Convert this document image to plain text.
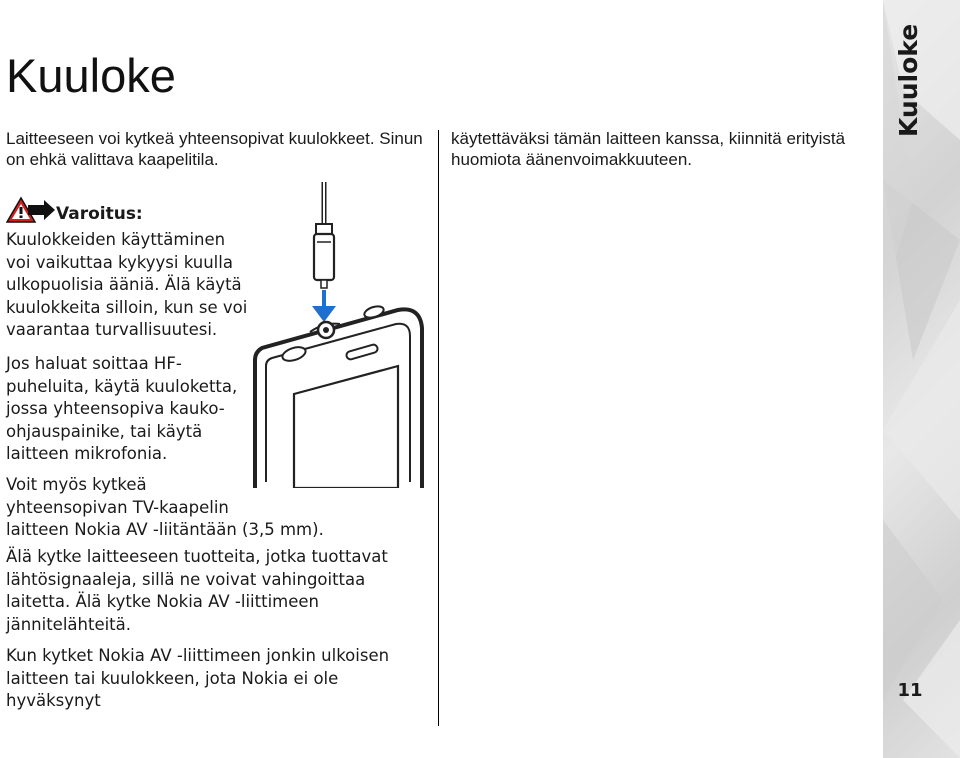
Kuuloke
Laitteeseen voi kytkeä yhteensopivat kuulokkeet. Sinun on ehkä valittava kaapelitila.
käytettäväksi tämän laitteen kanssa, kiinnitä erityistä huomiota äänenvoimakkuuteen.
Varoitus:

Kuulokkeiden käyttäminen voi vaikuttaa kykyysi kuulla ulkopuolisia ääniä. Älä käytä kuulokkeita silloin, kun se voi vaarantaa turvallisuutesi.

Jos haluat soittaa HF-puheluita, käytä kuuloketta, jossa yhteensopiva kauko-ohjauspainike, tai käytä laitteen mikrofonia.

Voit myös kytkeä yhteensopivan TV-kaapelin

laitteen Nokia AV -liitäntään (3,5 mm).

Älä kytke laitteeseen tuotteita, jotka tuottavat lähtösignaaleja, sillä ne voivat vahingoittaa laitetta. Älä kytke Nokia AV -liittimeen jännitelähteitä.

Kun kytket Nokia AV -liittimeen jonkin ulkoisen laitteen tai kuulokkeen, jota Nokia ei ole hyväksynyt

Kuuloke
11
